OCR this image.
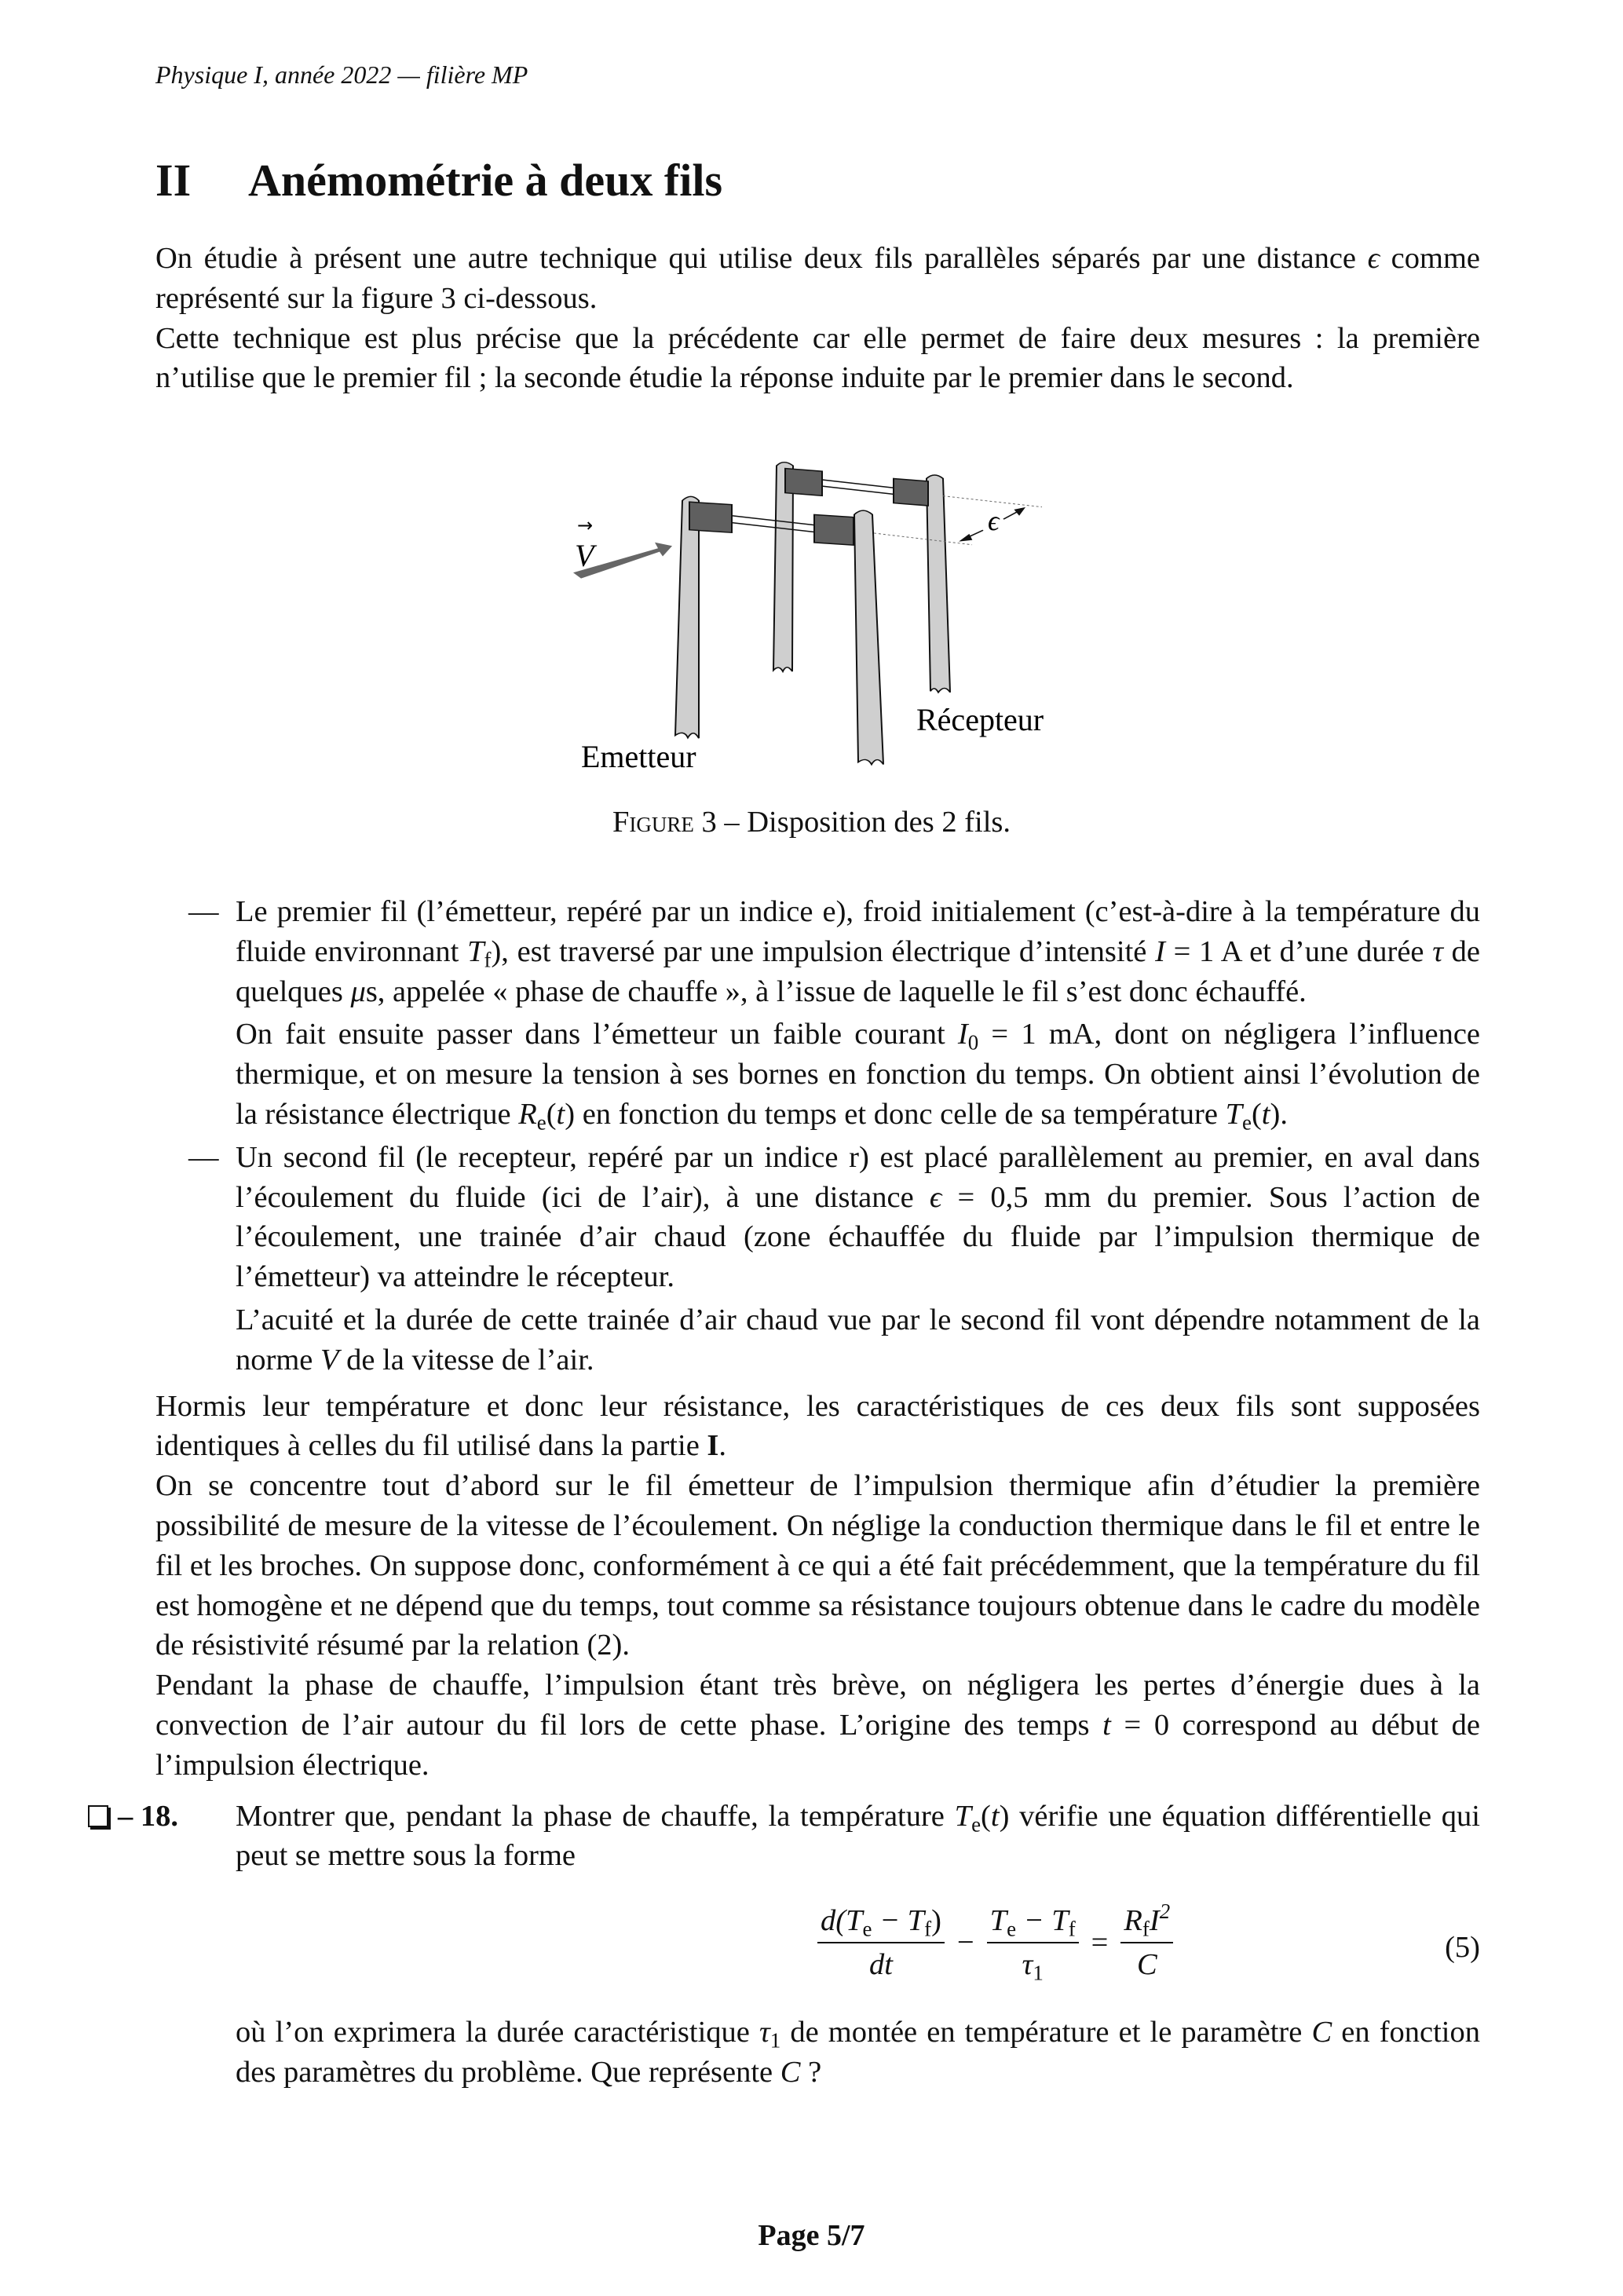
Physique I, année 2022 — filière MP
II Anémométrie à deux fils

On étudie à présent une autre technique qui utilise deux fils parallèles séparés par une distance ϵ comme représenté sur la figure 3 ci-dessous.

Cette technique est plus précise que la précédente car elle permet de faire deux mesures : la première n’utilise que le premier fil ; la seconde étudie la réponse induite par le premier dans le second.

V
→	ϵ
Emetteur
Récepteur
Figure 3 – Disposition des 2 fils.
— Le premier fil (l’émetteur, repéré par un indice e), froid initialement (c’est-à-dire à la température du fluide environnant $T_f$), est traversé par une impulsion électrique d’intensité I = 1 A et d’une durée τ de quelques μs, appelée « phase de chauffe », à l’issue de laquelle le fil s’est donc échauffé.

On fait ensuite passer dans l’émetteur un faible courant $I_0 = 1$ mA, dont on négligera l’influence thermique, et on mesure la tension à ses bornes en fonction du temps. On obtient ainsi l’évolution de la résistance électrique $R_e(t)$ en fonction du temps et donc celle de sa température $T_e(t)$.

— Un second fil (le recepteur, repéré par un indice r) est placé parallèlement au premier, en aval dans l’écoulement du fluide (ici de l’air), à une distance ϵ = 0,5 mm du premier. Sous l’action de l’écoulement, une trainée d’air chaud (zone échauffée du fluide par l’impulsion thermique de l’émetteur) va atteindre le récepteur.

L’acuité et la durée de cette trainée d’air chaud vue par le second fil vont dépendre notamment de la norme V de la vitesse de l’air.

Hormis leur température et donc leur résistance, les caractéristiques de ces deux fils sont supposées identiques à celles du fil utilisé dans la partie I.

On se concentre tout d’abord sur le fil émetteur de l’impulsion thermique afin d’étudier la première possibilité de mesure de la vitesse de l’écoulement. On néglige la conduction thermique dans le fil et entre le fil et les broches. On suppose donc, conformément à ce qui a été fait précédemment, que la température du fil est homogène et ne dépend que du temps, tout comme sa résistance toujours obtenue dans le cadre du modèle de résistivité résumé par la relation (2).

Pendant la phase de chauffe, l’impulsion étant très brève, on négligera les pertes d’énergie dues à la convection de l’air autour du fil lors de cette phase. L’origine des temps t = 0 correspond au début de l’impulsion électrique.

– 18. Montrer que, pendant la phase de chauffe, la température $T_e(t)$ vérifie une équation différentielle qui peut se mettre sous la forme

$\frac{d(T_e - T_f)}{dt} - \frac{T_e - T_f}{\tau_1} = \frac{R_fI^2}{C}$	(5)

où l’on exprimera la durée caractéristique $\tau_1$ de montée en température et le paramètre C en fonction des paramètres du problème. Que représente C ?

Page 5/7
